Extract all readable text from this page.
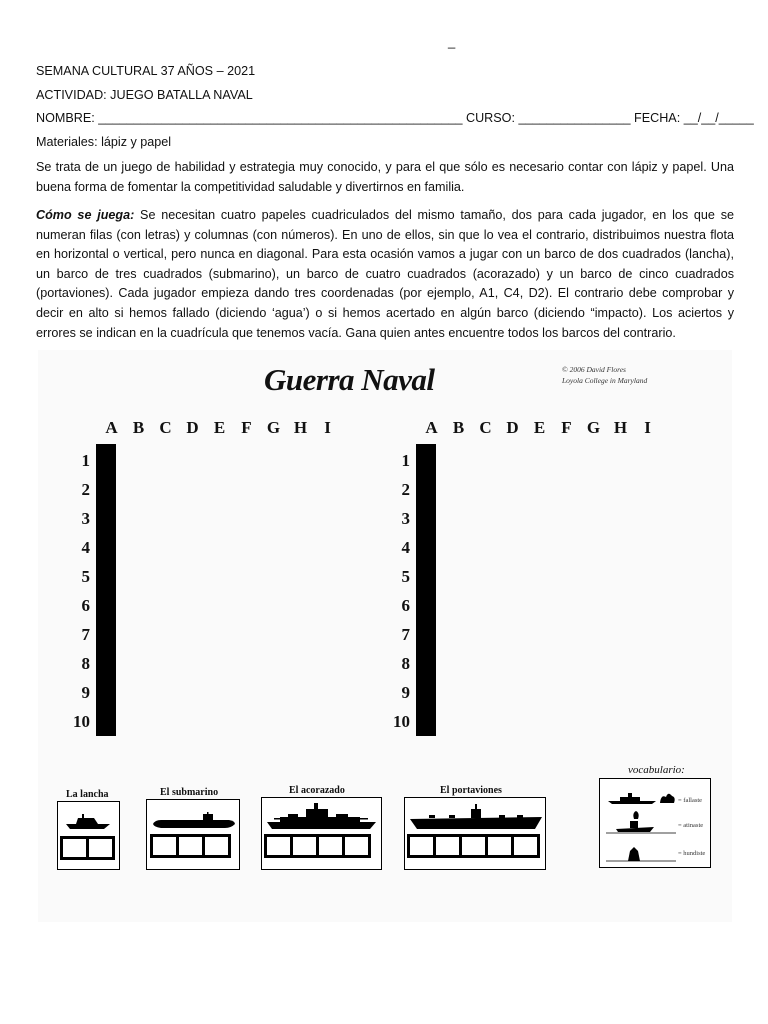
_
SEMANA CULTURAL 37 AÑOS – 2021
ACTIVIDAD: JUEGO BATALLA NAVAL
NOMBRE: ____________________________________________________ CURSO: ________________ FECHA: __/__/_____
Materiales: lápiz y papel
Se trata de un juego de habilidad y estrategia muy conocido, y para el que sólo es necesario contar con lápiz y papel. Una buena forma de fomentar la competitividad saludable y divertirnos en familia.
Cómo se juega: Se necesitan cuatro papeles cuadriculados del mismo tamaño, dos para cada jugador, en los que se numeran filas (con letras) y columnas (con números). En uno de ellos, sin que lo vea el contrario, distribuimos nuestra flota en horizontal o vertical, pero nunca en diagonal. Para esta ocasión vamos a jugar con un barco de dos cuadrados (lancha), un barco de tres cuadrados (submarino), un barco de cuatro cuadrados (acorazado) y un barco de cinco cuadrados (portaviones). Cada jugador empieza dando tres coordenadas (por ejemplo, A1, C4, D2). El contrario debe comprobar y decir en alto si hemos fallado (diciendo ‘agua’) o si hemos acertado en algún barco (diciendo “impacto). Los aciertos y errores se indican en la cuadrícula que tenemos vacía. Gana quien antes encuentre todos los barcos del contrario.
Guerra Naval	© 2006 David Flores
Loyola College in Maryland
A B C D E F G H	I
1
2
3
4
5
6
7
8
9
10

A B C D E F G H	I
1
2
3
4
5
6
7
8
9
10

La lancha
		El submarino
			El acorazado
				El portaviones

vocabulario:
= fallaste
= atinaste
= hundiste
